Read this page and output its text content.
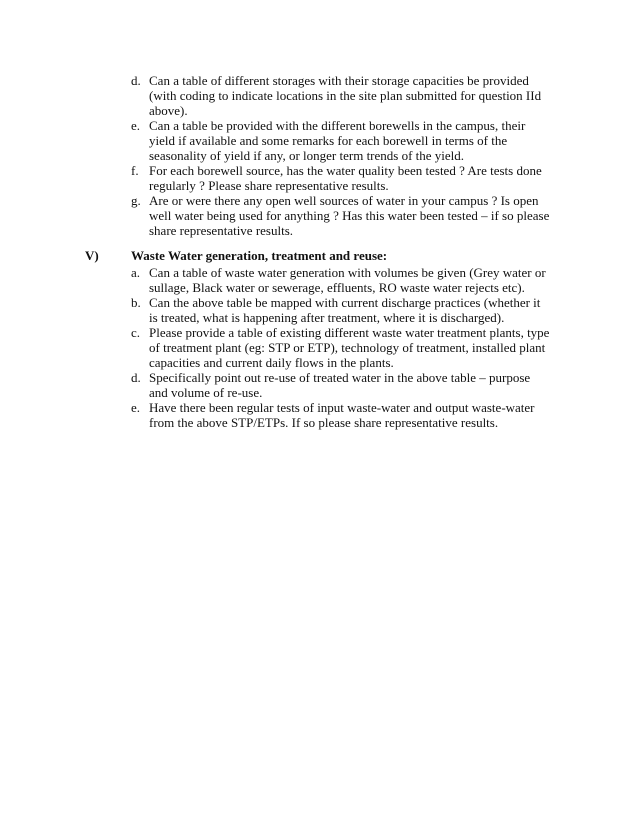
d. Can a table of different storages with their storage capacities be provided (with coding to indicate locations in the site plan submitted for question IId above).
e. Can a table be provided with the different borewells in the campus, their yield if available and some remarks for each borewell in terms of the seasonality of yield if any, or longer term trends of the yield.
f. For each borewell source, has the water quality been tested ? Are tests done regularly ? Please share representative results.
g. Are or were there any open well sources of water in your campus ? Is open well water being used for anything ? Has this water been tested – if so please share representative results.
V) Waste Water generation, treatment and reuse:
a. Can a table of waste water generation with volumes be given (Grey water or sullage, Black water or sewerage, effluents, RO waste water rejects etc).
b. Can the above table be mapped with current discharge practices (whether it is treated, what is happening after treatment, where it is discharged).
c. Please provide a table of existing different waste water treatment plants, type of treatment plant (eg: STP or ETP), technology of treatment, installed plant capacities and current daily flows in the plants.
d. Specifically point out re-use of treated water in the above table – purpose and volume of re-use.
e. Have there been regular tests of input waste-water and output waste-water from the above STP/ETPs. If so please share representative results.
